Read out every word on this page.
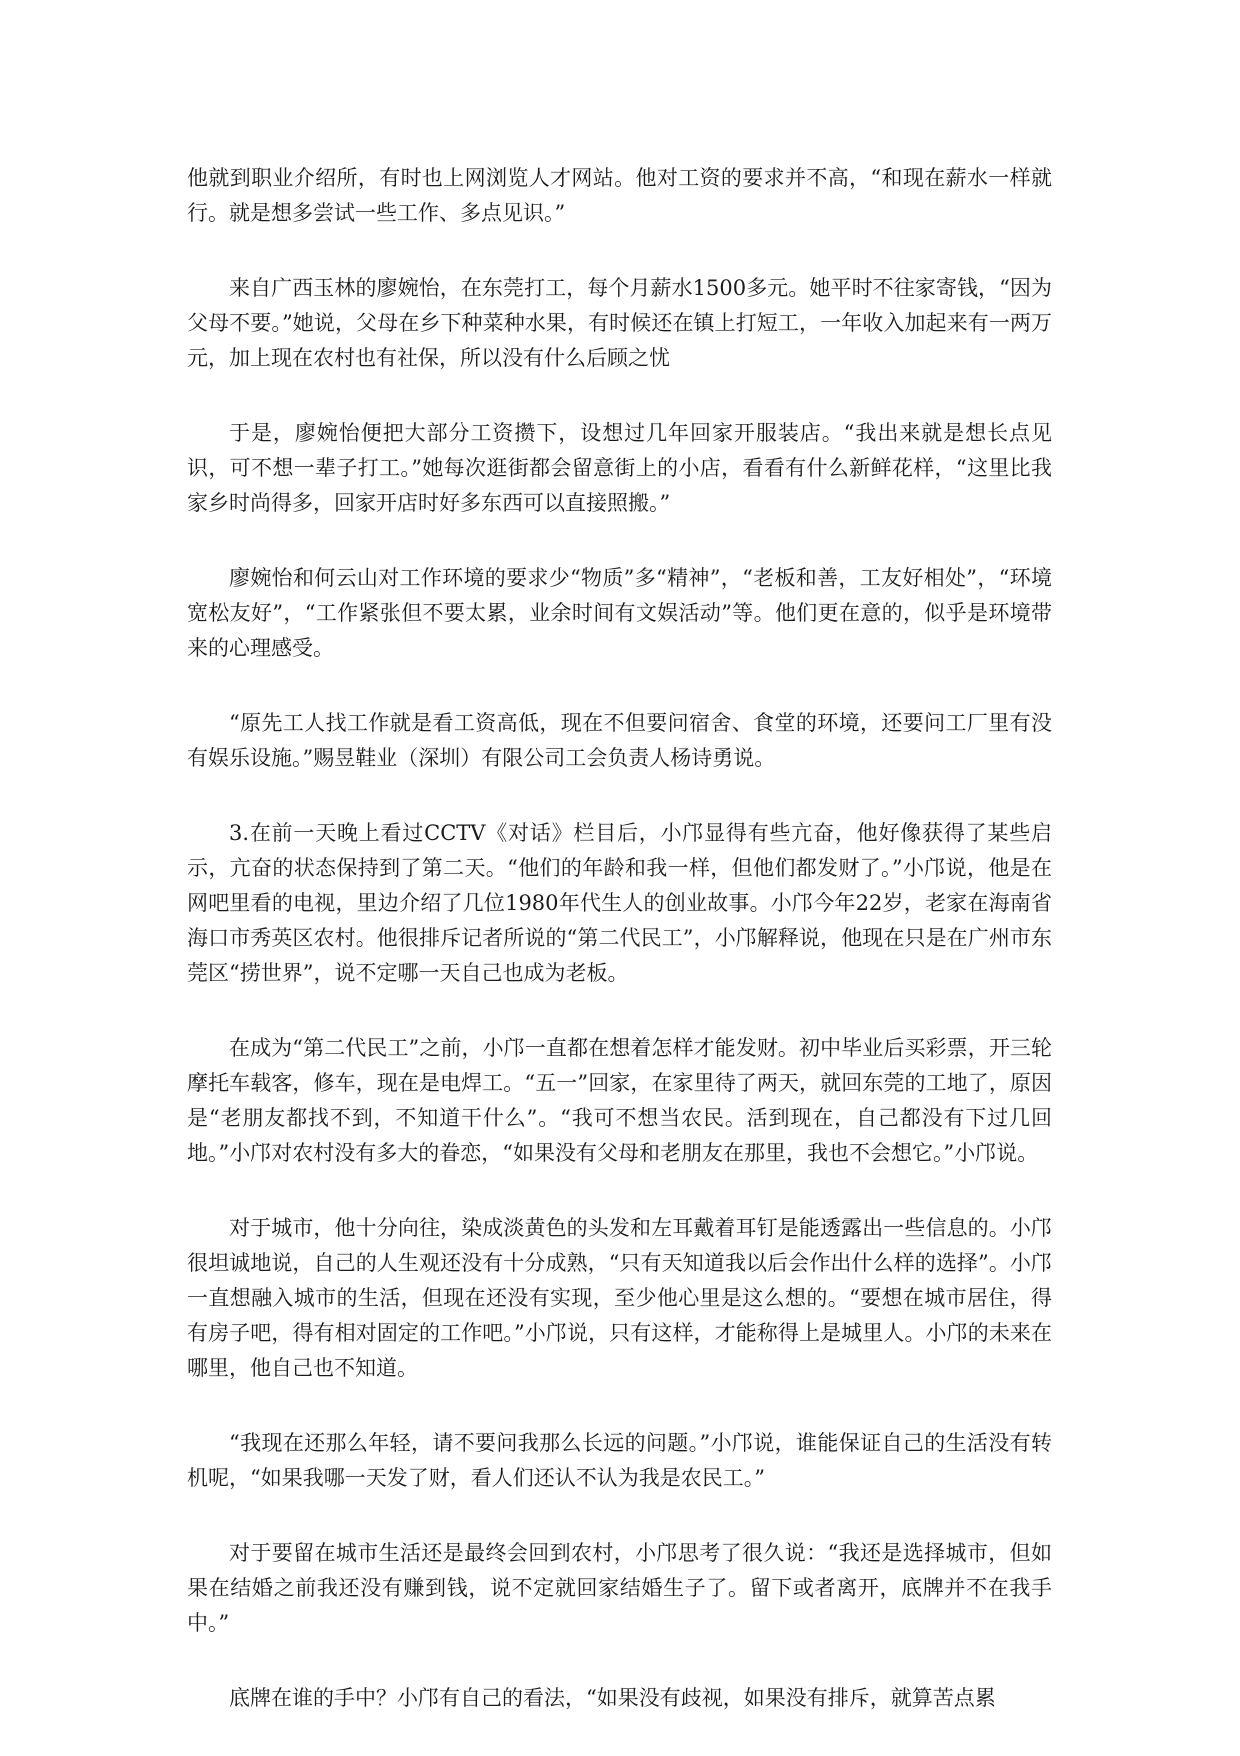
他就到职业介绍所，有时也上网浏览人才网站。他对工资的要求并不高，“和现在薪水一样就行。就是想多尝试一些工作、多点见识。”

来自广西玉林的廖婉怡，在东莞打工，每个月薪水1500多元。她平时不往家寄钱，“因为父母不要。”她说，父母在乡下种菜种水果，有时候还在镇上打短工，一年收入加起来有一两万元，加上现在农村也有社保，所以没有什么后顾之忧

于是，廖婉怡便把大部分工资攒下，设想过几年回家开服装店。“我出来就是想长点见识，可不想一辈子打工。”她每次逛街都会留意街上的小店，看看有什么新鲜花样，“这里比我家乡时尚得多，回家开店时好多东西可以直接照搬。”

廖婉怡和何云山对工作环境的要求少“物质”多“精神”，“老板和善，工友好相处”，“环境宽松友好”，“工作紧张但不要太累，业余时间有文娱活动”等。他们更在意的，似乎是环境带来的心理感受。

“原先工人找工作就是看工资高低，现在不但要问宿舍、食堂的环境，还要问工厂里有没有娱乐设施。”赐昱鞋业（深圳）有限公司工会负责人杨诗勇说。

3.在前一天晚上看过CCTV《对话》栏目后，小邝显得有些亢奋，他好像获得了某些启示，亢奋的状态保持到了第二天。“他们的年龄和我一样，但他们都发财了。”小邝说，他是在网吧里看的电视，里边介绍了几位1980年代生人的创业故事。小邝今年22岁，老家在海南省海口市秀英区农村。他很排斥记者所说的“第二代民工”，小邝解释说，他现在只是在广州市东莞区“捞世界”，说不定哪一天自己也成为老板。

在成为“第二代民工”之前，小邝一直都在想着怎样才能发财。初中毕业后买彩票，开三轮摩托车载客，修车，现在是电焊工。“五一”回家，在家里待了两天，就回东莞的工地了，原因是“老朋友都找不到，不知道干什么”。“我可不想当农民。活到现在，自己都没有下过几回地。”小邝对农村没有多大的眷恋，“如果没有父母和老朋友在那里，我也不会想它。”小邝说。

对于城市，他十分向往，染成淡黄色的头发和左耳戴着耳钉是能透露出一些信息的。小邝很坦诚地说，自己的人生观还没有十分成熟，“只有天知道我以后会作出什么样的选择”。小邝一直想融入城市的生活，但现在还没有实现，至少他心里是这么想的。“要想在城市居住，得有房子吧，得有相对固定的工作吧。”小邝说，只有这样，才能称得上是城里人。小邝的未来在哪里，他自己也不知道。

“我现在还那么年轻，请不要问我那么长远的问题。”小邝说，谁能保证自己的生活没有转机呢，“如果我哪一天发了财，看人们还认不认为我是农民工。”

对于要留在城市生活还是最终会回到农村，小邝思考了很久说：“我还是选择城市，但如果在结婚之前我还没有赚到钱，说不定就回家结婚生子了。留下或者离开，底牌并不在我手中。”

底牌在谁的手中？小邝有自己的看法，“如果没有歧视，如果没有排斥，就算苦点累
